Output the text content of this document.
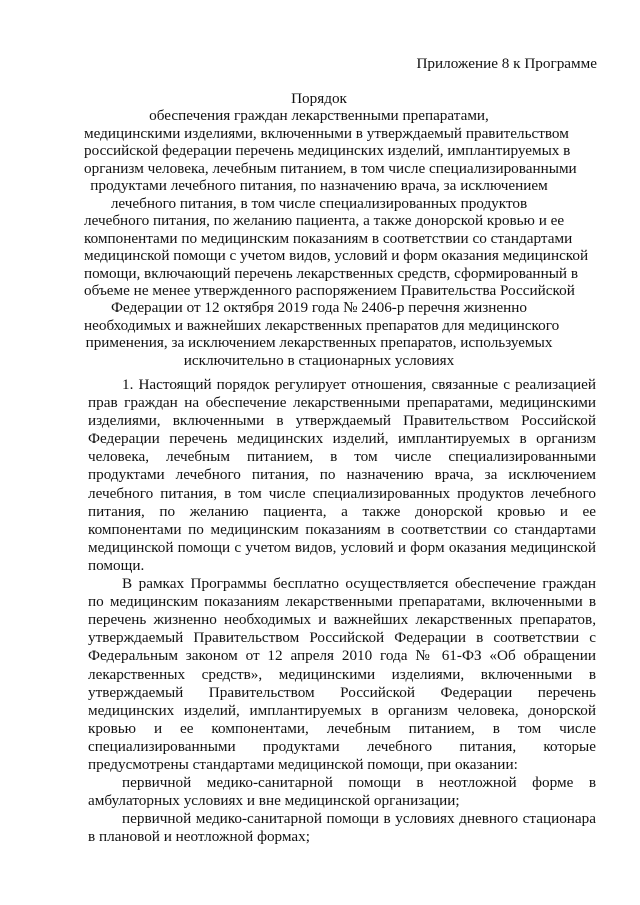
Приложение 8 к Программе
Порядок
обеспечения граждан лекарственными препаратами,
медицинскими изделиями, включенными в утверждаемый правительством
российской федерации перечень медицинских изделий, имплантируемых в
организм человека, лечебным питанием, в том числе специализированными
продуктами лечебного питания, по назначению врача, за исключением
лечебного питания, в том числе специализированных продуктов
лечебного питания, по желанию пациента, а также донорской кровью и ее
компонентами по медицинским показаниям в соответствии со стандартами
медицинской помощи с учетом видов, условий и форм оказания медицинской
помощи, включающий перечень лекарственных средств, сформированный в
объеме не менее утвержденного распоряжением Правительства Российской
Федерации от 12 октября 2019 года № 2406-р перечня жизненно
необходимых и важнейших лекарственных препаратов для медицинского
применения, за исключением лекарственных препаратов, используемых
исключительно в стационарных условиях

1. Настоящий порядок регулирует отношения, связанные с реализацией прав граждан на обеспечение лекарственными препаратами, медицинскими изделиями, включенными в утверждаемый Правительством Российской Федерации перечень медицинских изделий, имплантируемых в организм человека, лечебным питанием, в том числе специализированными продуктами лечебного питания, по назначению врача, за исключением лечебного питания, в том числе специализированных продуктов лечебного питания, по желанию пациента, а также донорской кровью и ее компонентами по медицинским показаниям в соответствии со стандартами медицинской помощи с учетом видов, условий и форм оказания медицинской помощи.

В рамках Программы бесплатно осуществляется обеспечение граждан по медицинским показаниям лекарственными препаратами, включенными в перечень жизненно необходимых и важнейших лекарственных препаратов, утверждаемый Правительством Российской Федерации в соответствии с Федеральным законом от 12 апреля 2010 года № 61-ФЗ «Об обращении лекарственных средств», медицинскими изделиями, включенными в утверждаемый Правительством Российской Федерации перечень медицинских изделий, имплантируемых в организм человека, донорской кровью и ее компонентами, лечебным питанием, в том числе специализированными продуктами лечебного питания, которые предусмотрены стандартами медицинской помощи, при оказании:

первичной медико-санитарной помощи в неотложной форме в амбулаторных условиях и вне медицинской организации;

первичной медико-санитарной помощи в условиях дневного стационара в плановой и неотложной формах;
